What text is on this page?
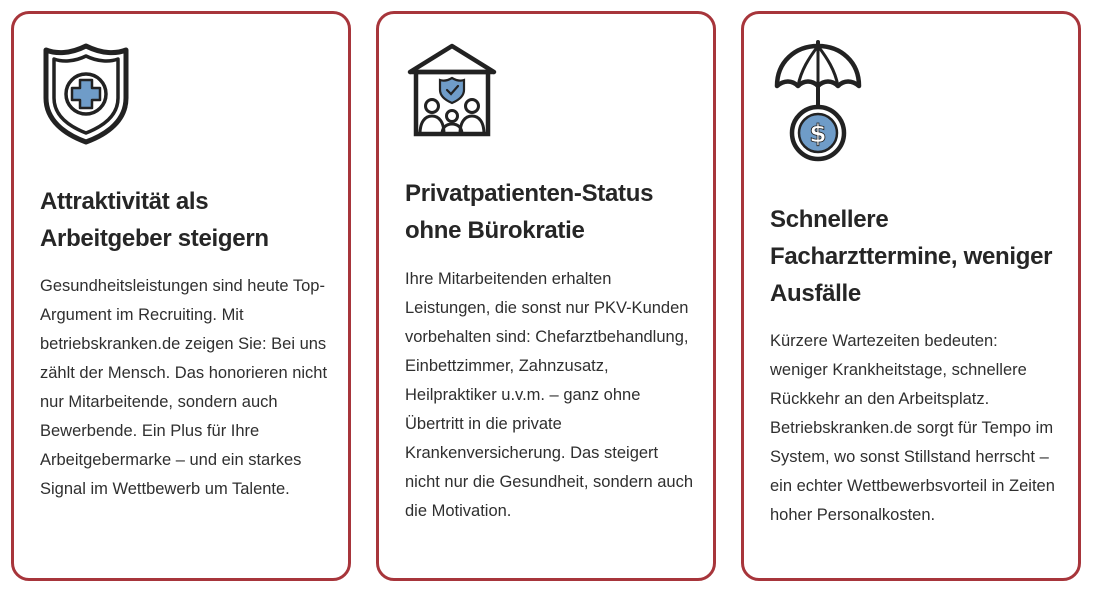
Attraktivität als Arbeitgeber steigern

Gesundheitsleistungen sind heute Top-Argument im Recruiting. Mit betriebskranken.de zeigen Sie: Bei uns zählt der Mensch. Das honorieren nicht nur Mitarbeitende, sondern auch Bewerbende. Ein Plus für Ihre Arbeitgebermarke – und ein starkes Signal im Wettbewerb um Talente.

Privatpatienten-Status ohne Bürokratie

Ihre Mitarbeitenden erhalten Leistungen, die sonst nur PKV-Kunden vorbehalten sind: Chefarztbehandlung, Einbettzimmer, Zahnzusatz, Heilpraktiker u.v.m. – ganz ohne Übertritt in die private Krankenversicherung. Das steigert nicht nur die Gesundheit, sondern auch die Motivation.

$
Schnellere Facharzttermine, weniger Ausfälle

Kürzere Wartezeiten bedeuten: weniger Krankheitstage, schnellere Rückkehr an den Arbeitsplatz. Betriebskranken.de sorgt für Tempo im System, wo sonst Stillstand herrscht – ein echter Wettbewerbsvorteil in Zeiten hoher Personalkosten.
